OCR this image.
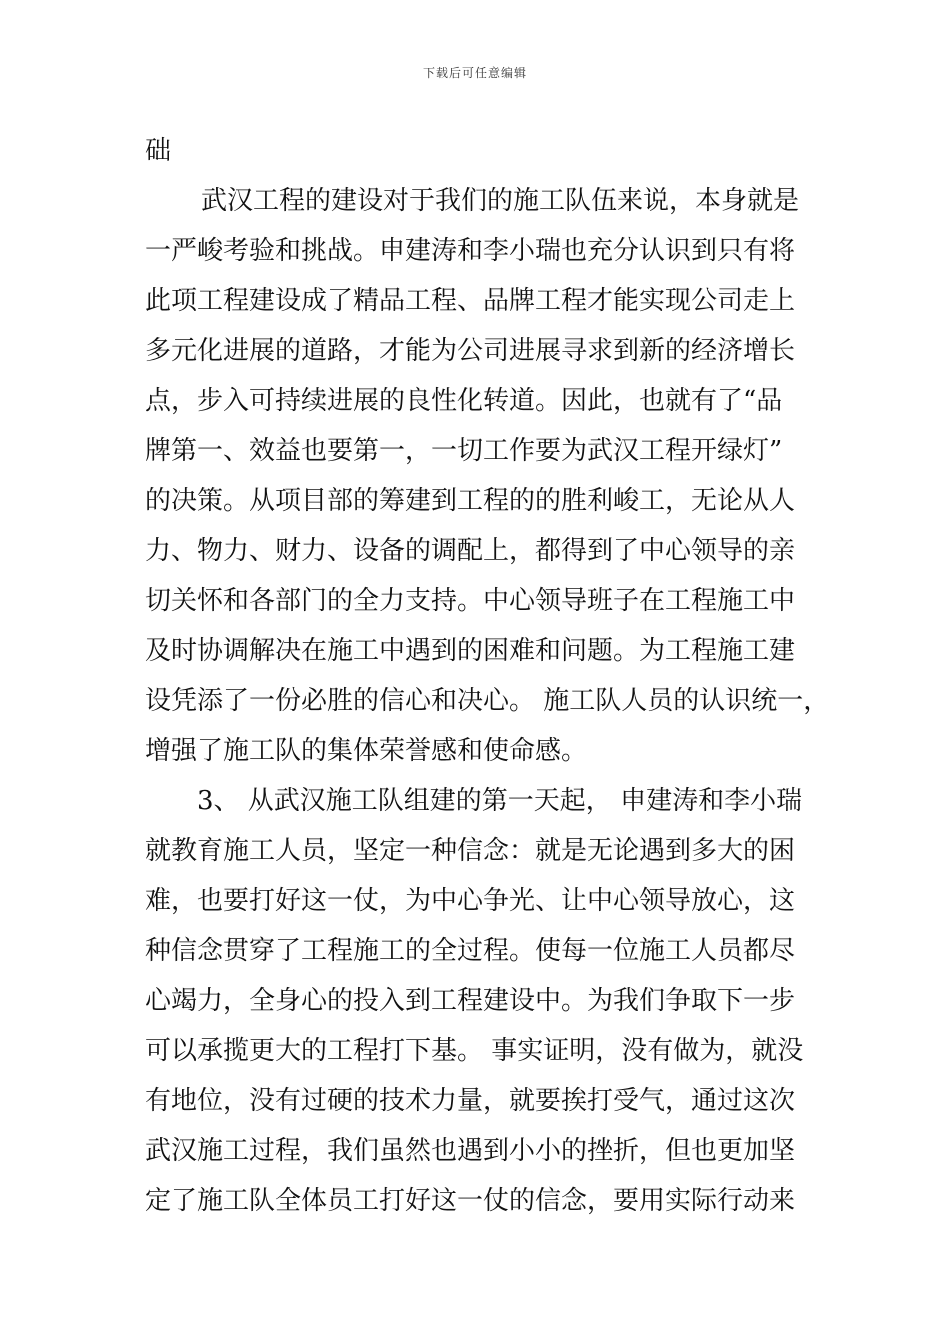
下载后可任意编辑
础
武汉工程的建设对于我们的施工队伍来说，本身就是
一严峻考验和挑战。申建涛和李小瑞也充分认识到只有将
此项工程建设成了精品工程、品牌工程才能实现公司走上
多元化进展的道路，才能为公司进展寻求到新的经济增长
点，步入可持续进展的良性化转道。因此，也就有了“品
牌第一、效益也要第一，一切工作要为武汉工程开绿灯”
的决策。从项目部的筹建到工程的的胜利峻工，无论从人
力、物力、财力、设备的调配上，都得到了中心领导的亲
切关怀和各部门的全力支持。中心领导班子在工程施工中
及时协调解决在施工中遇到的困难和问题。为工程施工建
设凭添了一份必胜的信心和决心。 施工队人员的认识统一，
增强了施工队的集体荣誉感和使命感。
3、 从武汉施工队组建的第一天起， 申建涛和李小瑞
就教育施工人员，坚定一种信念：就是无论遇到多大的困
难，也要打好这一仗，为中心争光、让中心领导放心，这
种信念贯穿了工程施工的全过程。使每一位施工人员都尽
心竭力，全身心的投入到工程建设中。为我们争取下一步
可以承揽更大的工程打下基。 事实证明，没有做为，就没
有地位，没有过硬的技术力量，就要挨打受气，通过这次
武汉施工过程，我们虽然也遇到小小的挫折，但也更加坚
定了施工队全体员工打好这一仗的信念，要用实际行动来
